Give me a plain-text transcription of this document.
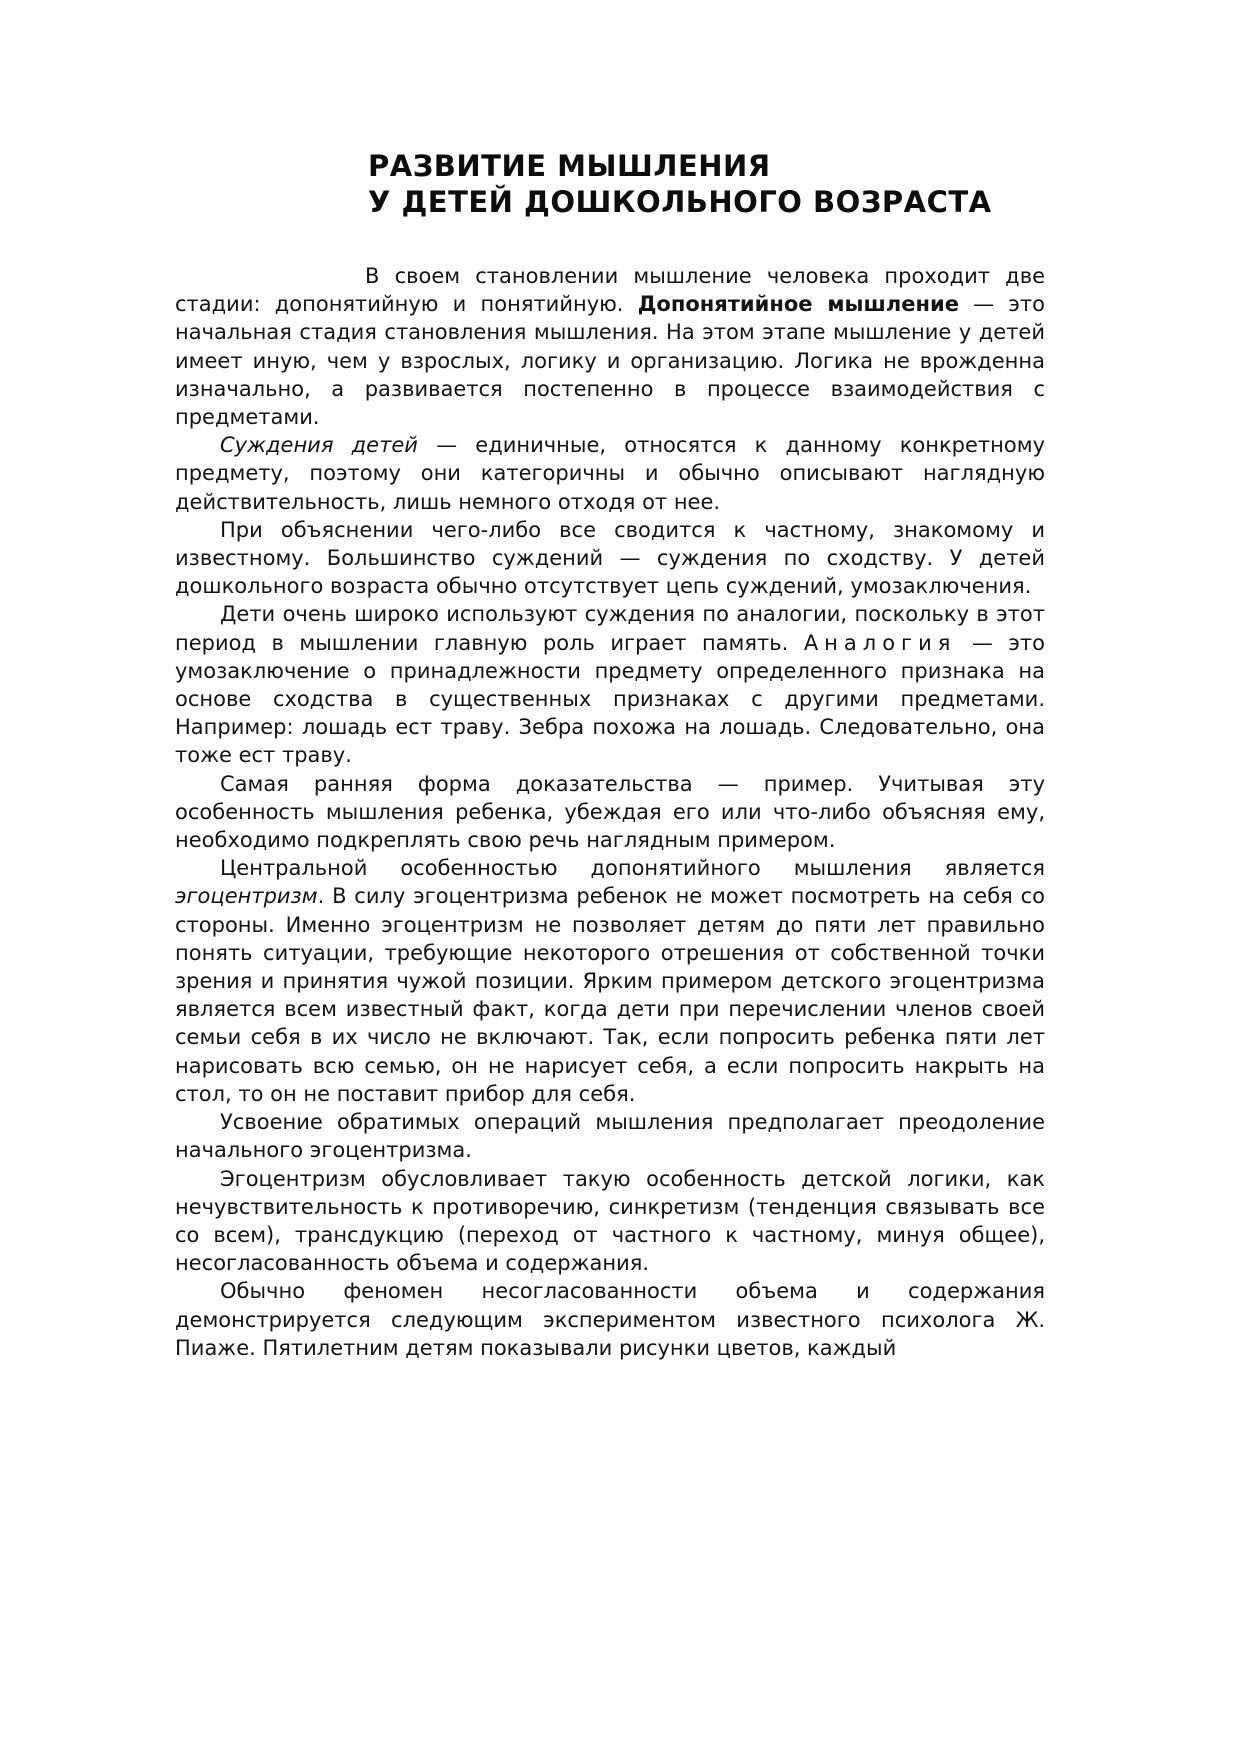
РАЗВИТИЕ МЫШЛЕНИЯ
У ДЕТЕЙ ДОШКОЛЬНОГО ВОЗРАСТА

В своем становлении мышление человека проходит две стадии: допонятийную и понятийную. Допонятийное мышление — это начальная стадия становления мышления. На этом этапе мышление у детей имеет иную, чем у взрослых, логику и организацию. Логика не врожденна изначально, а развивается постепенно в процессе взаимодействия с предметами.

Суждения детей — единичные, относятся к данному конкретному предмету, поэтому они категоричны и обычно описывают наглядную действительность, лишь немного отходя от нее.

При объяснении чего-либо все сводится к частному, знакомому и известному. Большинство суждений — суждения по сходству. У детей дошкольного возраста обычно отсутствует цепь суждений, умозаключения.

Дети очень широко используют суждения по аналогии, поскольку в этот период в мышлении главную роль играет память. Аналогия — это умозаключение о принадлежности предмету определенного признака на основе сходства в существенных признаках с другими предметами. Например: лошадь ест траву. Зебра похожа на лошадь. Следовательно, она тоже ест траву.

Самая ранняя форма доказательства — пример. Учитывая эту особенность мышления ребенка, убеждая его или что-либо объясняя ему, необходимо подкреплять свою речь наглядным примером.

Центральной особенностью допонятийного мышления является эгоцентризм. В силу эгоцентризма ребенок не может посмотреть на себя со стороны. Именно эгоцентризм не позволяет детям до пяти лет правильно понять ситуации, требующие некоторого отрешения от собственной точки зрения и принятия чужой позиции. Ярким примером детского эгоцентризма является всем известный факт, когда дети при перечислении членов своей семьи себя в их число не включают. Так, если попросить ребенка пяти лет нарисовать всю семью, он не нарисует себя, а если попросить накрыть на стол, то он не поставит прибор для себя.

Усвоение обратимых операций мышления предполагает преодоление начального эгоцентризма.

Эгоцентризм обусловливает такую особенность детской логики, как нечувствительность к противоречию, синкретизм (тенденция связывать все со всем), трансдукцию (переход от частного к частному, минуя общее), несогласованность объема и содержания.

Обычно феномен несогласованности объема и содержания демонстрируется следующим экспериментом известного психолога Ж. Пиаже. Пятилетним детям показывали рисунки цветов, каждый
